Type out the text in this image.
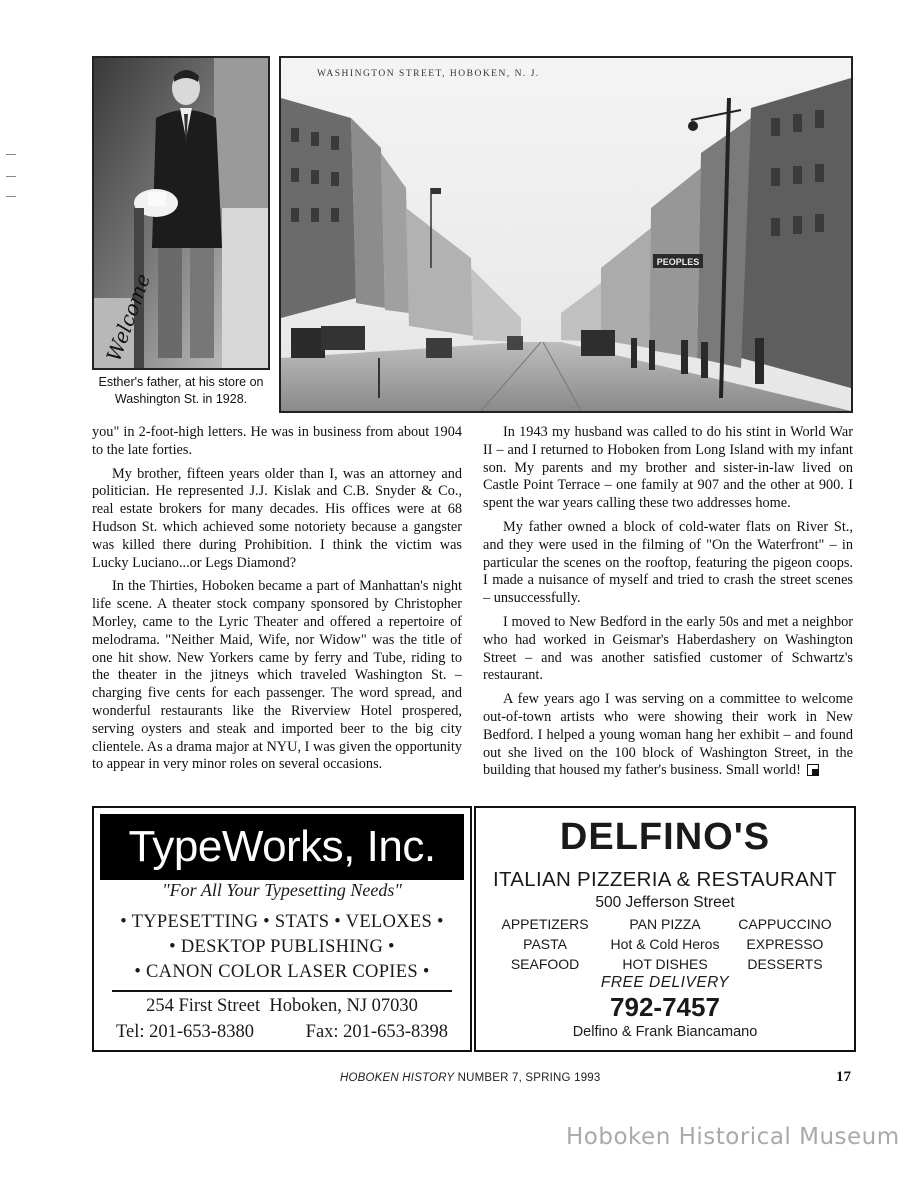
Welcome
Esther's father, at his store on Washington St. in 1928.
PEOPLES
WASHINGTON STREET, HOBOKEN, N. J.

you" in 2-foot-high letters. He was in business from about 1904 to the late forties.

My brother, fifteen years older than I, was an attorney and politician. He represented J.J. Kislak and C.B. Snyder & Co., real estate brokers for many decades. His offices were at 68 Hudson St. which achieved some notoriety because a gangster was killed there during Prohibition. I think the victim was Lucky Luciano...or Legs Diamond?

In the Thirties, Hoboken became a part of Manhattan's night life scene. A theater stock company sponsored by Christopher Morley, came to the Lyric Theater and offered a repertoire of melodrama. "Neither Maid, Wife, nor Widow" was the title of one hit show. New Yorkers came by ferry and Tube, riding to the theater in the jitneys which traveled Washington St. – charging five cents for each passenger. The word spread, and wonderful restaurants like the Riverview Hotel prospered, serving oysters and steak and imported beer to the big city clientele. As a drama major at NYU, I was given the opportunity to appear in very minor roles on several occasions.

In 1943 my husband was called to do his stint in World War II – and I returned to Hoboken from Long Island with my infant son. My parents and my brother and sister-in-law lived on Castle Point Terrace – one family at 907 and the other at 900. I spent the war years calling these two addresses home.

My father owned a block of cold-water flats on River St., and they were used in the filming of "On the Waterfront" – in particular the scenes on the rooftop, featuring the pigeon coops. I made a nuisance of myself and tried to crash the street scenes – unsuccessfully.

I moved to New Bedford in the early 50s and met a neighbor who had worked in Geismar's Haberdashery on Washington Street – and was another satisfied customer of Schwartz's restaurant.

A few years ago I was serving on a committee to welcome out-of-town artists who were showing their work in New Bedford. I helped a young woman hang her exhibit – and found out she lived on the 100 block of Washington Street, in the building that housed my father's business. Small world!

TypeWorks, Inc.
"For All Your Typesetting Needs"
• TYPESETTING • STATS • VELOXES •
• DESKTOP PUBLISHING •
• CANON COLOR LASER COPIES •
254 First Street  Hoboken, NJ 07030
Tel: 201-653-8380	Fax: 201-653-8398
DELFINO'S
ITALIAN PIZZERIA & RESTAURANT
500 Jefferson Street
APPETIZERS
PASTA
SEAFOOD
PAN PIZZA
Hot & Cold Heros
HOT DISHES
CAPPUCCINO
EXPRESSO
DESSERTS
FREE DELIVERY
792-7457
Delfino & Frank Biancamano
HOBOKEN HISTORY NUMBER 7, SPRING 1993	17
Hoboken Historical Museum
